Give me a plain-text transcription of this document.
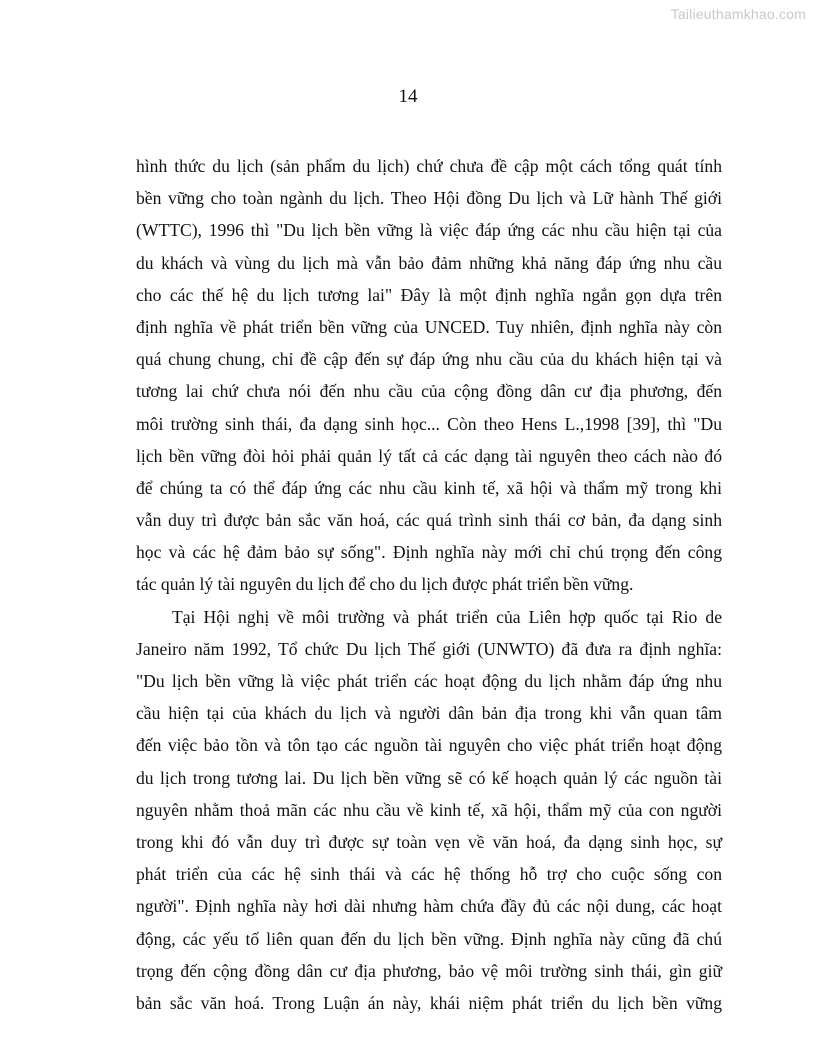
Tailieuthamkhao.com
14
hình thức du lịch (sản phẩm du lịch) chứ chưa đề cập một cách tổng quát tính
bền vững cho toàn ngành du lịch. Theo Hội đồng Du lịch và Lữ hành Thế giới
(WTTC), 1996 thì "Du lịch bền vững là việc đáp ứng các nhu cầu hiện tại của
du khách và vùng du lịch mà vẫn bảo đảm những khả năng đáp ứng nhu cầu
cho các thế hệ du lịch tương lai" Đây là một định nghĩa ngắn gọn dựa trên
định nghĩa về phát triển bền vững của UNCED. Tuy nhiên, định nghĩa này còn
quá chung chung, chỉ đề cập đến sự đáp ứng nhu cầu của du khách hiện tại và
tương lai chứ chưa nói đến nhu cầu của cộng đồng dân cư địa phương, đến
môi trường sinh thái, đa dạng sinh học... Còn theo Hens L.,1998 [39], thì "Du
lịch bền vững đòi hỏi phải quản lý tất cả các dạng tài nguyên theo cách nào đó
để chúng ta có thể đáp ứng các nhu cầu kinh tế, xã hội và thẩm mỹ trong khi
vẫn duy trì được bản sắc văn hoá, các quá trình sinh thái cơ bản, đa dạng sinh
học và các hệ đảm bảo sự sống". Định nghĩa này mới chỉ chú trọng đến công
tác quản lý tài nguyên du lịch để cho du lịch được phát triển bền vững.
Tại Hội nghị về môi trường và phát triển của Liên hợp quốc tại Rio de
Janeiro năm 1992, Tổ chức Du lịch Thế giới (UNWTO) đã đưa ra định nghĩa:
"Du lịch bền vững là việc phát triển các hoạt động du lịch nhằm đáp ứng nhu
cầu hiện tại của khách du lịch và người dân bản địa trong khi vẫn quan tâm
đến việc bảo tồn và tôn tạo các nguồn tài nguyên cho việc phát triển hoạt động
du lịch trong tương lai. Du lịch bền vững sẽ có kế hoạch quản lý các nguồn tài
nguyên nhằm thoả mãn các nhu cầu về kinh tế, xã hội, thẩm mỹ của con người
trong khi đó vẫn duy trì được sự toàn vẹn về văn hoá, đa dạng sinh học, sự
phát triển của các hệ sinh thái và các hệ thống hỗ trợ cho cuộc sống con
người". Định nghĩa này hơi dài nhưng hàm chứa đầy đủ các nội dung, các hoạt
động, các yếu tố liên quan đến du lịch bền vững. Định nghĩa này cũng đã chú
trọng đến cộng đồng dân cư địa phương, bảo vệ môi trường sinh thái, gìn giữ
bản sắc văn hoá. Trong Luận án này, khái niệm phát triển du lịch bền vững
